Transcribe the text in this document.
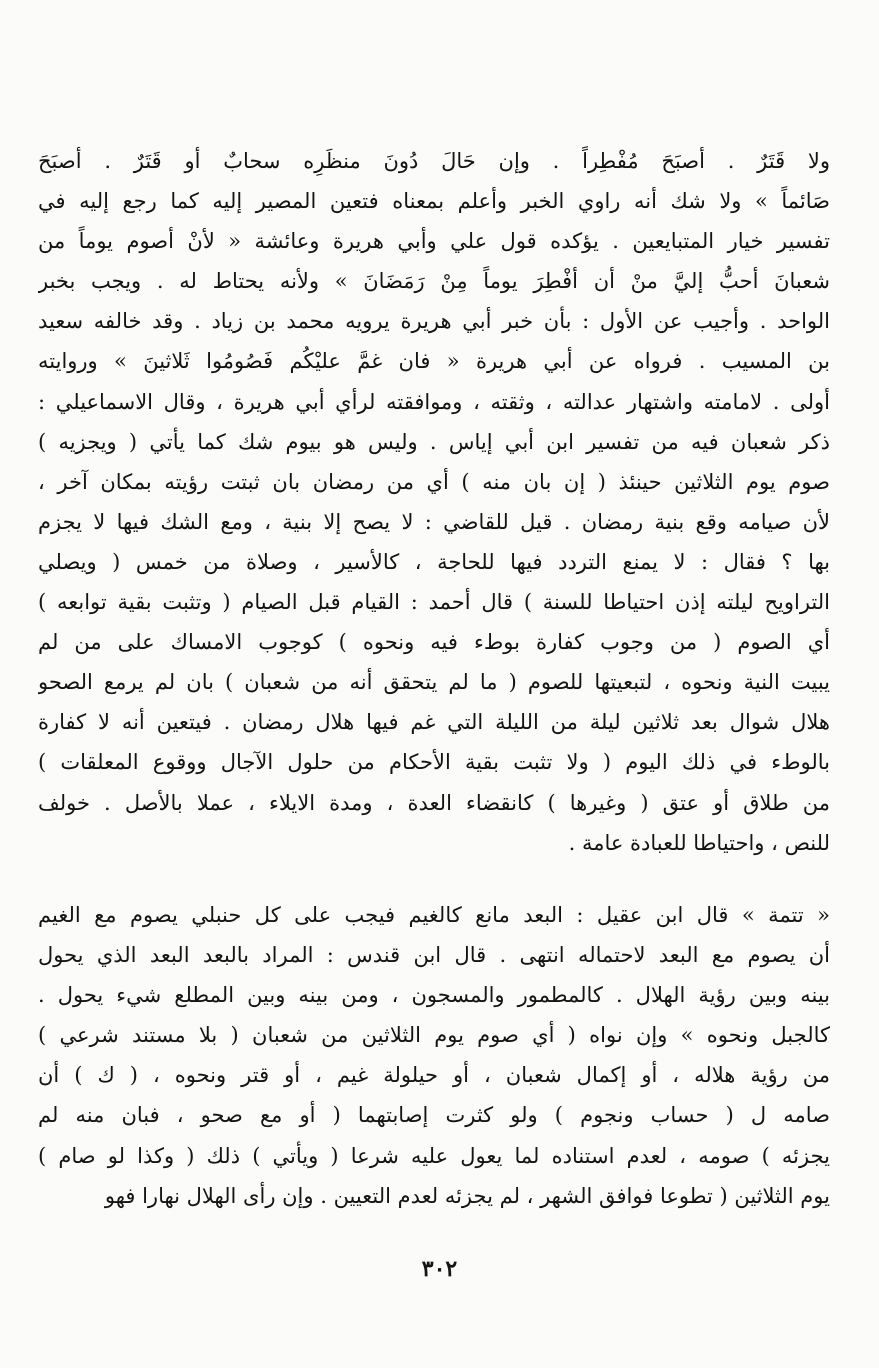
ولا قَتَرٌ . أصبَحَ مُفْطِراً . وإن حَالَ دُونَ منظَرِه سحابٌ أو قَتَرٌ . أصبَحَ
صَائماً » ولا شك أنه راوي الخبر وأعلم بمعناه فتعين المصير إليه كما رجع إليه في
تفسير خيار المتبايعين . يؤكده قول علي وأبي هريرة وعائشة « لأنْ أصوم يوماً من
شعبانَ أحبُّ إليَّ منْ أن أفْطِرَ يوماً مِنْ رَمَضَانَ » ولأنه يحتاط له . ويجب بخبر
الواحد . وأجيب عن الأول : بأن خبر أبي هريرة يرويه محمد بن زياد . وقد خالفه سعيد
بن المسيب . فرواه عن أبي هريرة « فان غمَّ عليْكُم فَصُومُوا ثَلاثينَ » وروايته
أولى . لامامته واشتهار عدالته ، وثقته ، وموافقته لرأي أبي هريرة ، وقال الاسماعيلي :
ذكر شعبان فيه من تفسير ابن أبي إياس . وليس هو بيوم شك كما يأتي ( ويجزيه )
صوم يوم الثلاثين حينئذ ( إن بان منه ) أي من رمضان بان ثبتت رؤيته بمكان آخر ،
لأن صيامه وقع بنية رمضان . قيل للقاضي : لا يصح إلا بنية ، ومع الشك فيها لا يجزم
بها ؟ فقال : لا يمنع التردد فيها للحاجة ، كالأسير ، وصلاة من خمس ( ويصلي
التراويح ليلته إذن احتياطا للسنة ) قال أحمد : القيام قبل الصيام ( وتثبت بقية توابعه )
أي الصوم ( من وجوب كفارة بوطء فيه ونحوه ) كوجوب الامساك على من لم
يبيت النية ونحوه ، لتبعيتها للصوم ( ما لم يتحقق أنه من شعبان ) بان لم يرمع الصحو
هلال شوال بعد ثلاثين ليلة من الليلة التي غم فيها هلال رمضان . فيتعين أنه لا كفارة
بالوطء في ذلك اليوم ( ولا تثبت بقية الأحكام من حلول الآجال ووقوع المعلقات )
من طلاق أو عتق ( وغيرها ) كانقضاء العدة ، ومدة الايلاء ، عملا بالأصل . خولف
للنص ، واحتياطا للعبادة عامة .
« تتمة » قال ابن عقيل : البعد مانع كالغيم فيجب على كل حنبلي يصوم مع الغيم
أن يصوم مع البعد لاحتماله انتهى . قال ابن قندس : المراد بالبعد البعد الذي يحول
بينه وبين رؤية الهلال . كالمطمور والمسجون ، ومن بينه وبين المطلع شيء يحول .
كالجبل ونحوه » وإن نواه ( أي صوم يوم الثلاثين من شعبان ( بلا مستند شرعي )
من رؤية هلاله ، أو إكمال شعبان ، أو حيلولة غيم ، أو قتر ونحوه ، ( ك ) أن
صامه ل ( حساب ونجوم ) ولو كثرت إصابتهما ( أو مع صحو ، فبان منه لم
يجزئه ) صومه ، لعدم استناده لما يعول عليه شرعا ( ويأتي ) ذلك ( وكذا لو صام )
يوم الثلاثين ( تطوعا فوافق الشهر ، لم يجزئه لعدم التعيين . وإن رأى الهلال نهارا فهو
٣٠٢
